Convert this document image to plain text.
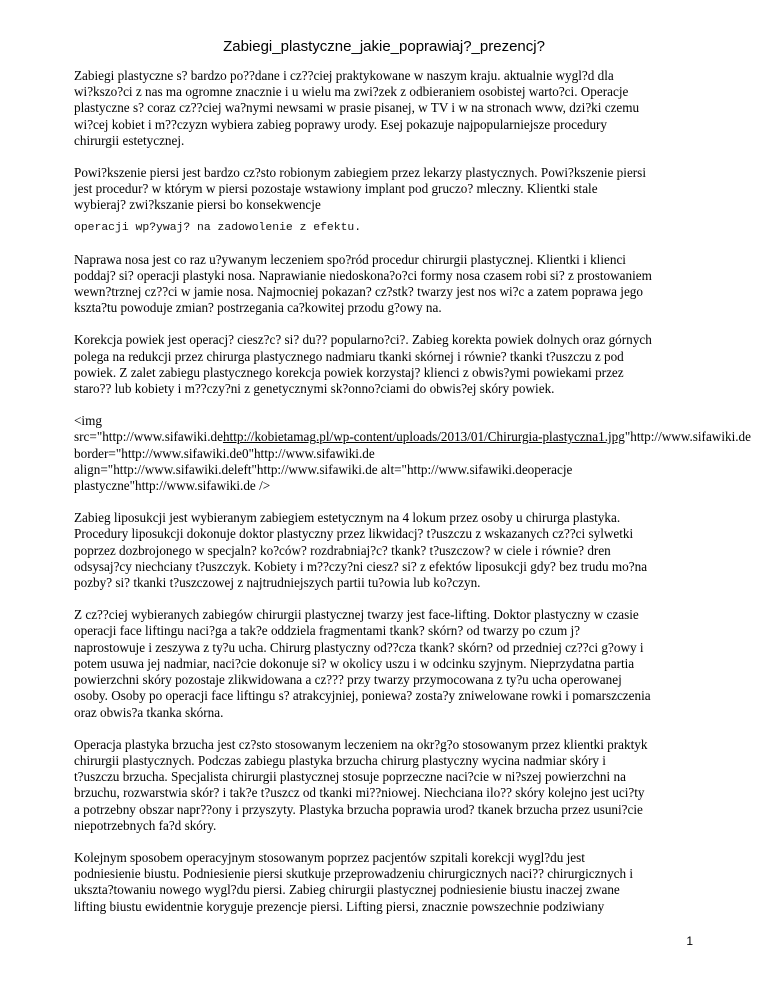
Zabiegi_plastyczne_jakie_poprawiaj?_prezencj?

Zabiegi plastyczne s? bardzo po??dane i cz??ciej praktykowane w naszym kraju. aktualnie wygl?d dla
wi?kszo?ci z nas ma ogromne znacznie i u wielu ma zwi?zek z odbieraniem osobistej warto?ci. Operacje
plastyczne s? coraz cz??ciej wa?nymi newsami w prasie pisanej, w TV i w na stronach www, dzi?ki czemu
wi?cej kobiet i m??czyzn wybiera zabieg poprawy urody. Esej pokazuje najpopularniejsze procedury
chirurgii estetycznej.

Powi?kszenie piersi jest bardzo cz?sto robionym zabiegiem przez lekarzy plastycznych. Powi?kszenie piersi
jest procedur? w którym w piersi pozostaje wstawiony implant pod gruczo? mleczny. Klientki stale
wybieraj? zwi?kszanie piersi bo konsekwencje

operacji wp?ywaj? na zadowolenie z efektu.

Naprawa nosa jest co raz u?ywanym leczeniem spo?ród procedur chirurgii plastycznej. Klientki i klienci
poddaj? si? operacji plastyki nosa. Naprawianie niedoskona?o?ci formy nosa czasem robi si? z prostowaniem
wewn?trznej cz??ci w jamie nosa. Najmocniej pokazan? cz?stk? twarzy jest nos wi?c a zatem poprawa jego
kszta?tu powoduje zmian? postrzegania ca?kowitej przodu g?owy na.

Korekcja powiek jest operacj? ciesz?c? si? du?? popularno?ci?. Zabieg korekta powiek dolnych oraz górnych
polega na redukcji przez chirurga plastycznego nadmiaru tkanki skórnej i równie? tkanki t?uszczu z pod
powiek. Z zalet zabiegu plastycznego korekcja powiek korzystaj? klienci z obwis?ymi powiekami przez
staro?? lub kobiety i m??czy?ni z genetycznymi sk?onno?ciami do obwis?ej skóry powiek.

<img
src="http://www.sifawiki.dehttp://kobietamag.pl/wp-content/uploads/2013/01/Chirurgia-plastyczna1.jpg"http://www.sifawiki.de
border="http://www.sifawiki.de0"http://www.sifawiki.de
align="http://www.sifawiki.deleft"http://www.sifawiki.de alt="http://www.sifawiki.deoperacje
plastyczne"http://www.sifawiki.de />

Zabieg liposukcji jest wybieranym zabiegiem estetycznym na 4 lokum przez osoby u chirurga plastyka.
Procedury liposukcji dokonuje doktor plastyczny przez likwidacj? t?uszczu z wskazanych cz??ci sylwetki
poprzez dozbrojonego w specjaln? ko?ców? rozdrabniaj?c? tkank? t?uszczow? w ciele i równie? dren
odsysaj?cy niechciany t?uszczyk. Kobiety i m??czy?ni ciesz? si? z efektów liposukcji gdy? bez trudu mo?na
pozby? si? tkanki t?uszczowej z najtrudniejszych partii tu?owia lub ko?czyn.

Z cz??ciej wybieranych zabiegów chirurgii plastycznej twarzy jest face-lifting. Doktor plastyczny w czasie
operacji face liftingu naci?ga a tak?e oddziela fragmentami tkank? skórn? od twarzy po czum j?
naprostowuje i zeszywa z ty?u ucha. Chirurg plastyczny od??cza tkank? skórn? od przedniej cz??ci g?owy i
potem usuwa jej nadmiar, naci?cie dokonuje si? w okolicy uszu i w odcinku szyjnym. Nieprzydatna partia
powierzchni skóry pozostaje zlikwidowana a cz??? przy twarzy przymocowana z ty?u ucha operowanej
osoby. Osoby po operacji face liftingu s? atrakcyjniej, poniewa? zosta?y zniwelowane rowki i pomarszczenia
oraz obwis?a tkanka skórna.

Operacja plastyka brzucha jest cz?sto stosowanym leczeniem na okr?g?o stosowanym przez klientki praktyk
chirurgii plastycznych. Podczas zabiegu plastyka brzucha chirurg plastyczny wycina nadmiar skóry i
t?uszczu brzucha. Specjalista chirurgii plastycznej stosuje poprzeczne naci?cie w ni?szej powierzchni na
brzuchu, rozwarstwia skór? i tak?e t?uszcz od tkanki mi??niowej. Niechciana ilo?? skóry kolejno jest uci?ty
a potrzebny obszar napr??ony i przyszyty. Plastyka brzucha poprawia urod? tkanek brzucha przez usuni?cie
niepotrzebnych fa?d skóry.

Kolejnym sposobem operacyjnym stosowanym poprzez pacjentów szpitali korekcji wygl?du jest
podniesienie biustu. Podniesienie piersi skutkuje przeprowadzeniu chirurgicznych naci?? chirurgicznych i
ukszta?towaniu nowego wygl?du piersi. Zabieg chirurgii plastycznej podniesienie biustu inaczej zwane
lifting biustu ewidentnie koryguje prezencje piersi. Lifting piersi, znacznie powszechnie podziwiany

1
